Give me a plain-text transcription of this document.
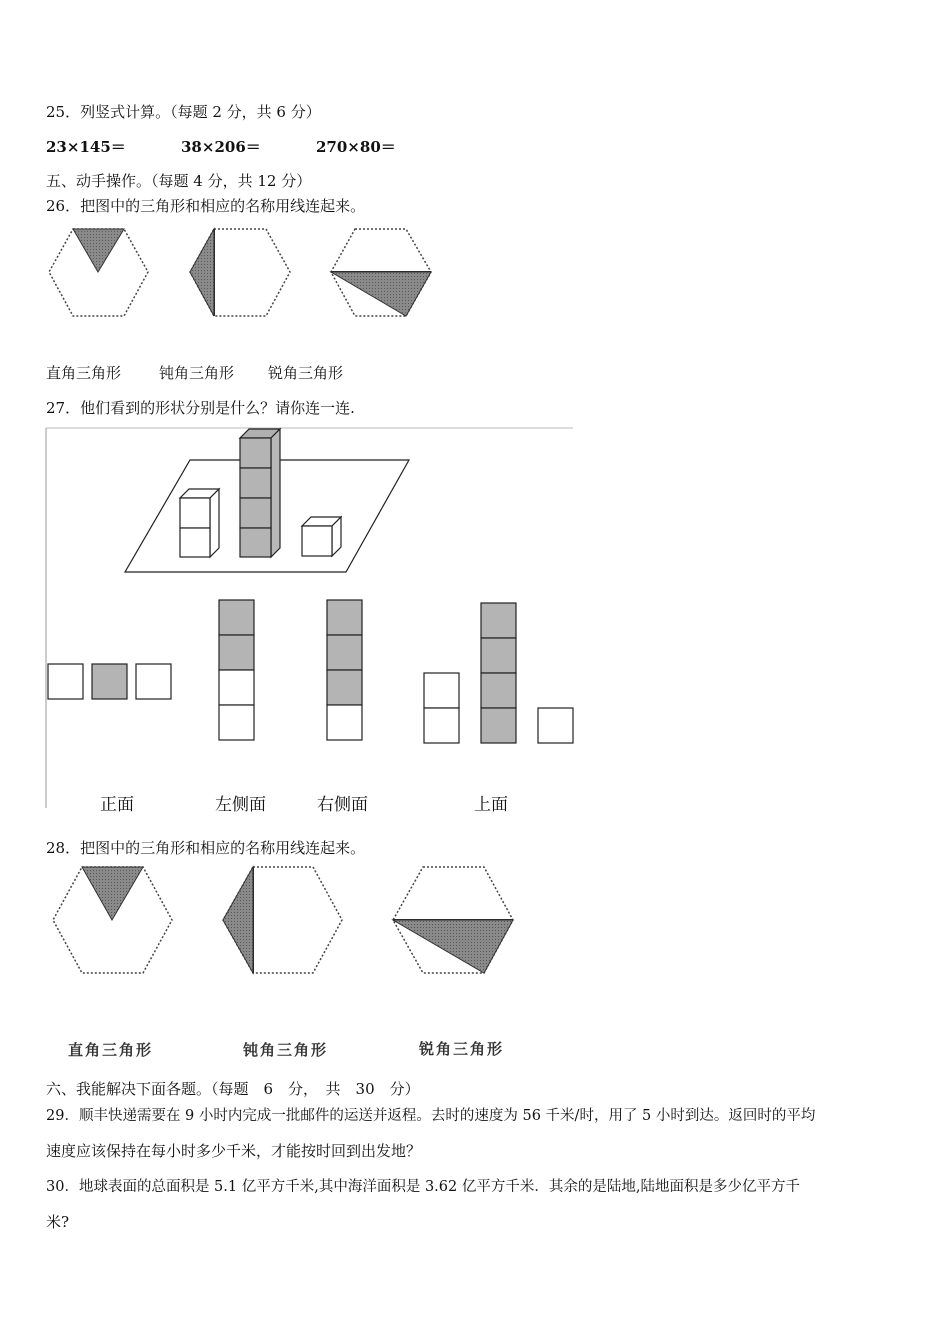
25．列竖式计算。（每题 2 分，共 6 分）
23×145＝	38×206＝	270×80＝
五、动手操作。（每题 4 分，共 12 分）
26．把图中的三角形和相应的名称用线连起来。
直角三角形	钝角三角形 锐角三角形
27．他们看到的形状分别是什么？请你连一连.
正面	左侧面	右侧面	上面
28．把图中的三角形和相应的名称用线连起来。
直角三角形	钝角三角形	锐角三角形
六、我能解决下面各题。（每题　6　分，　共　30　分）
29．顺丰快递需要在 9 小时内完成一批邮件的运送并返程。去时的速度为 56 千米/时，用了 5 小时到达。返回时的平均
速度应该保持在每小时多少千米，才能按时回到出发地？
30．地球表面的总面积是 5.1 亿平方千米,其中海洋面积是 3.62 亿平方千米．其余的是陆地,陆地面积是多少亿平方千
米?
